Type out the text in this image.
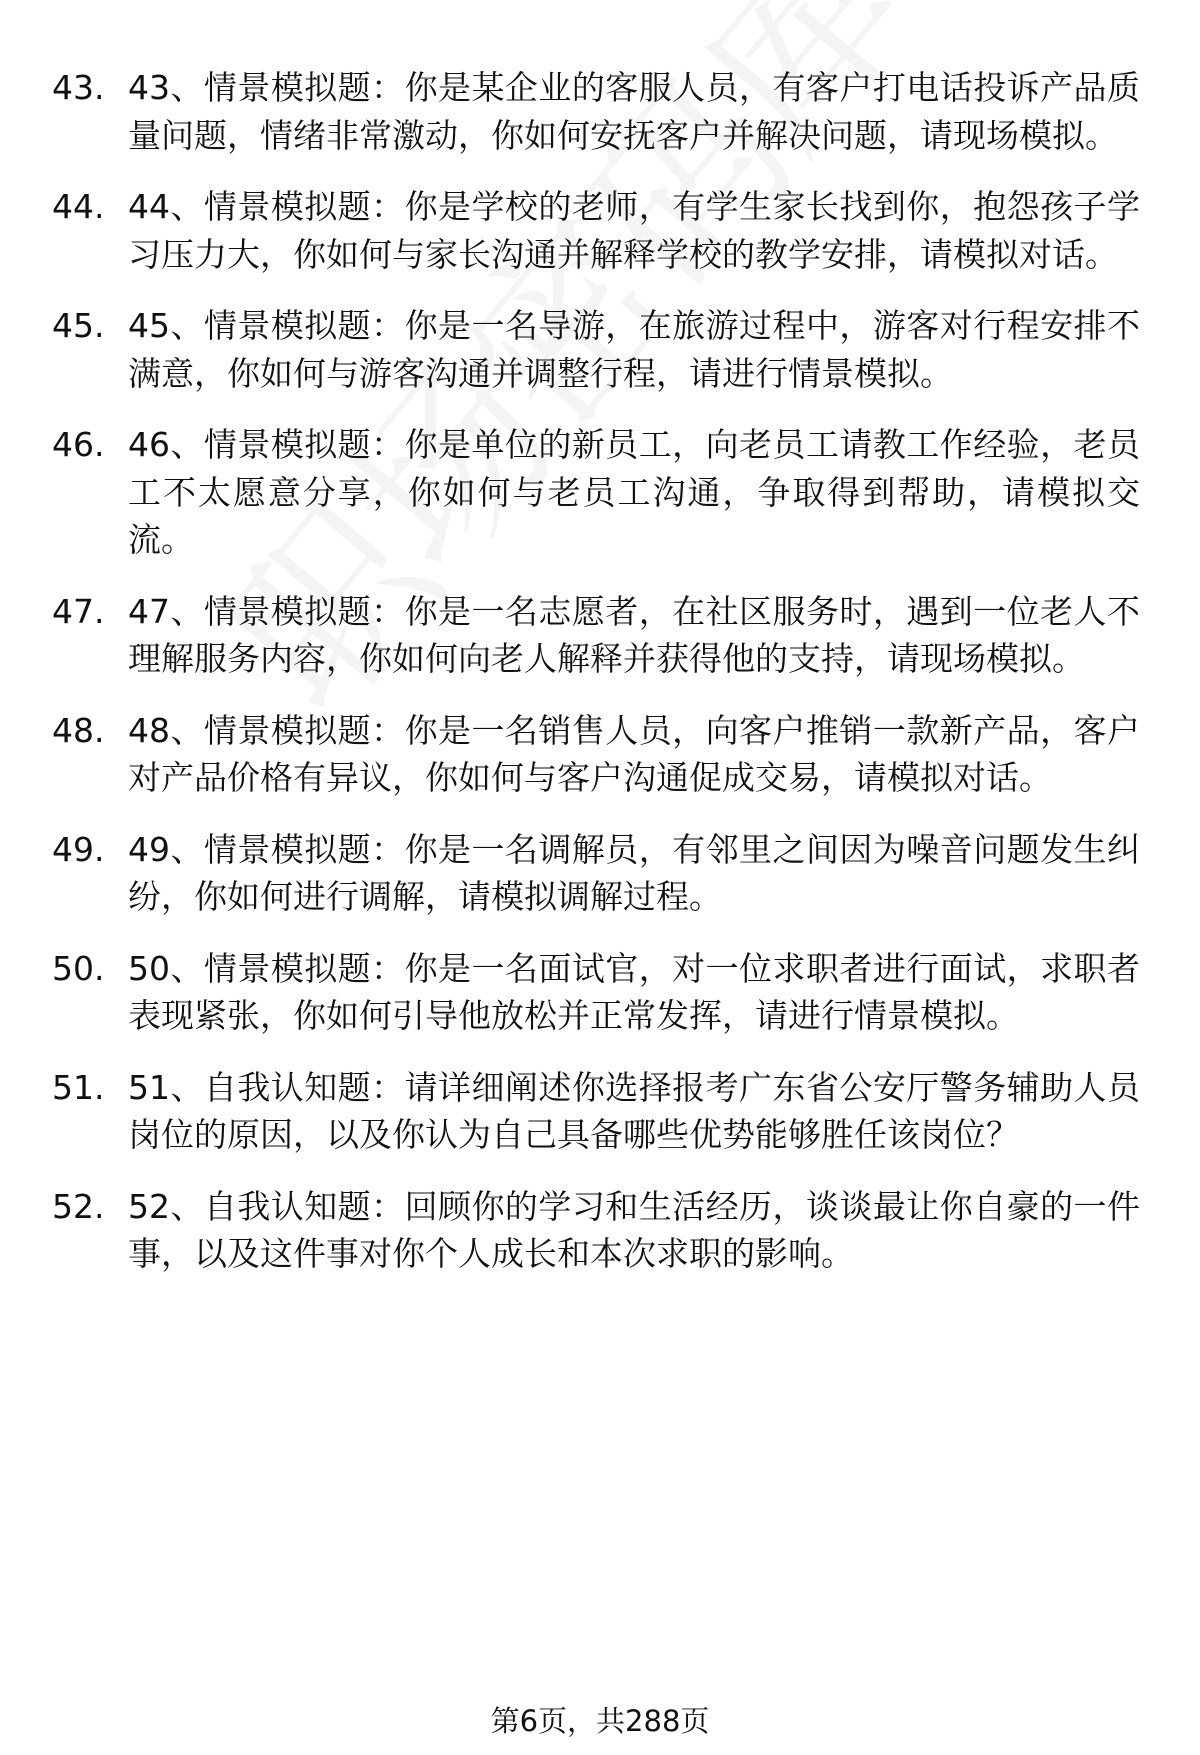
43. 43、情景模拟题：你是某企业的客服人员，有客户打电话投诉产品质量问题，情绪非常激动，你如何安抚客户并解决问题，请现场模拟。

44. 44、情景模拟题：你是学校的老师，有学生家长找到你，抱怨孩子学习压力大，你如何与家长沟通并解释学校的教学安排，请模拟对话。

45. 45、情景模拟题：你是一名导游，在旅游过程中，游客对行程安排不满意，你如何与游客沟通并调整行程，请进行情景模拟。

46. 46、情景模拟题：你是单位的新员工，向老员工请教工作经验，老员工不太愿意分享，你如何与老员工沟通，争取得到帮助，请模拟交流。

47. 47、情景模拟题：你是一名志愿者，在社区服务时，遇到一位老人不理解服务内容，你如何向老人解释并获得他的支持，请现场模拟。

48. 48、情景模拟题：你是一名销售人员，向客户推销一款新产品，客户对产品价格有异议，你如何与客户沟通促成交易，请模拟对话。

49. 49、情景模拟题：你是一名调解员，有邻里之间因为噪音问题发生纠纷，你如何进行调解，请模拟调解过程。

50. 50、情景模拟题：你是一名面试官，对一位求职者进行面试，求职者表现紧张，你如何引导他放松并正常发挥，请进行情景模拟。

51. 51、自我认知题：请详细阐述你选择报考广东省公安厅警务辅助人员岗位的原因，以及你认为自己具备哪些优势能够胜任该岗位？

52. 52、自我认知题：回顾你的学习和生活经历，谈谈最让你自豪的一件事，以及这件事对你个人成长和本次求职的影响。

第6页，共288页
